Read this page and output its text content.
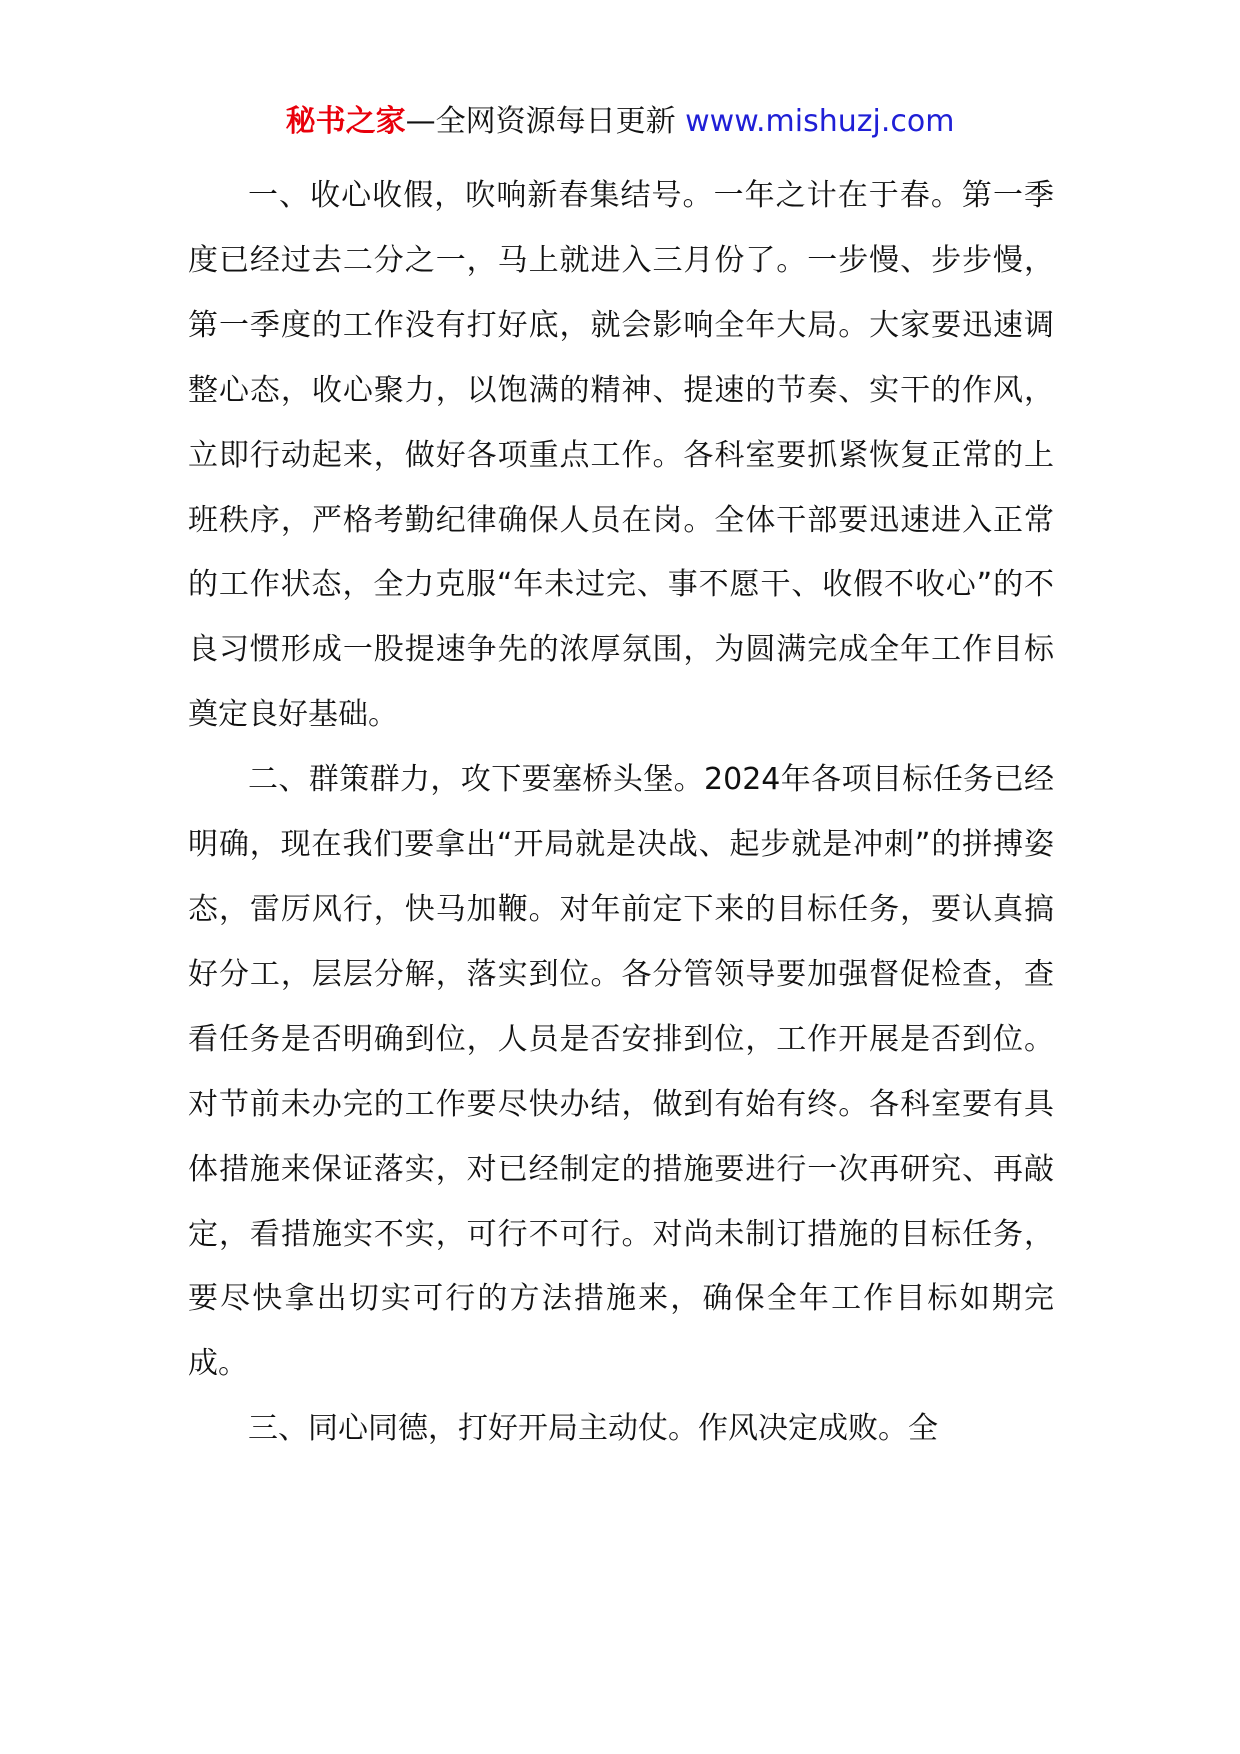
秘书之家—全网资源每日更新 www.mishuzj.com

一、收心收假，吹响新春集结号。一年之计在于春。第一季度已经过去二分之一，马上就进入三月份了。一步慢、步步慢，第一季度的工作没有打好底，就会影响全年大局。大家要迅速调整心态，收心聚力，以饱满的精神、提速的节奏、实干的作风，立即行动起来，做好各项重点工作。各科室要抓紧恢复正常的上班秩序，严格考勤纪律确保人员在岗。全体干部要迅速进入正常的工作状态，全力克服“年未过完、事不愿干、收假不收心”的不良习惯形成一股提速争先的浓厚氛围，为圆满完成全年工作目标奠定良好基础。

二、群策群力，攻下要塞桥头堡。2024年各项目标任务已经明确，现在我们要拿出“开局就是决战、起步就是冲刺”的拼搏姿态，雷厉风行，快马加鞭。对年前定下来的目标任务，要认真搞好分工，层层分解，落实到位。各分管领导要加强督促检查，查看任务是否明确到位，人员是否安排到位，工作开展是否到位。对节前未办完的工作要尽快办结，做到有始有终。各科室要有具体措施来保证落实，对已经制定的措施要进行一次再研究、再敲定，看措施实不实，可行不可行。对尚未制订措施的目标任务，要尽快拿出切实可行的方法措施来，确保全年工作目标如期完成。

三、同心同德，打好开局主动仗。作风决定成败。全
